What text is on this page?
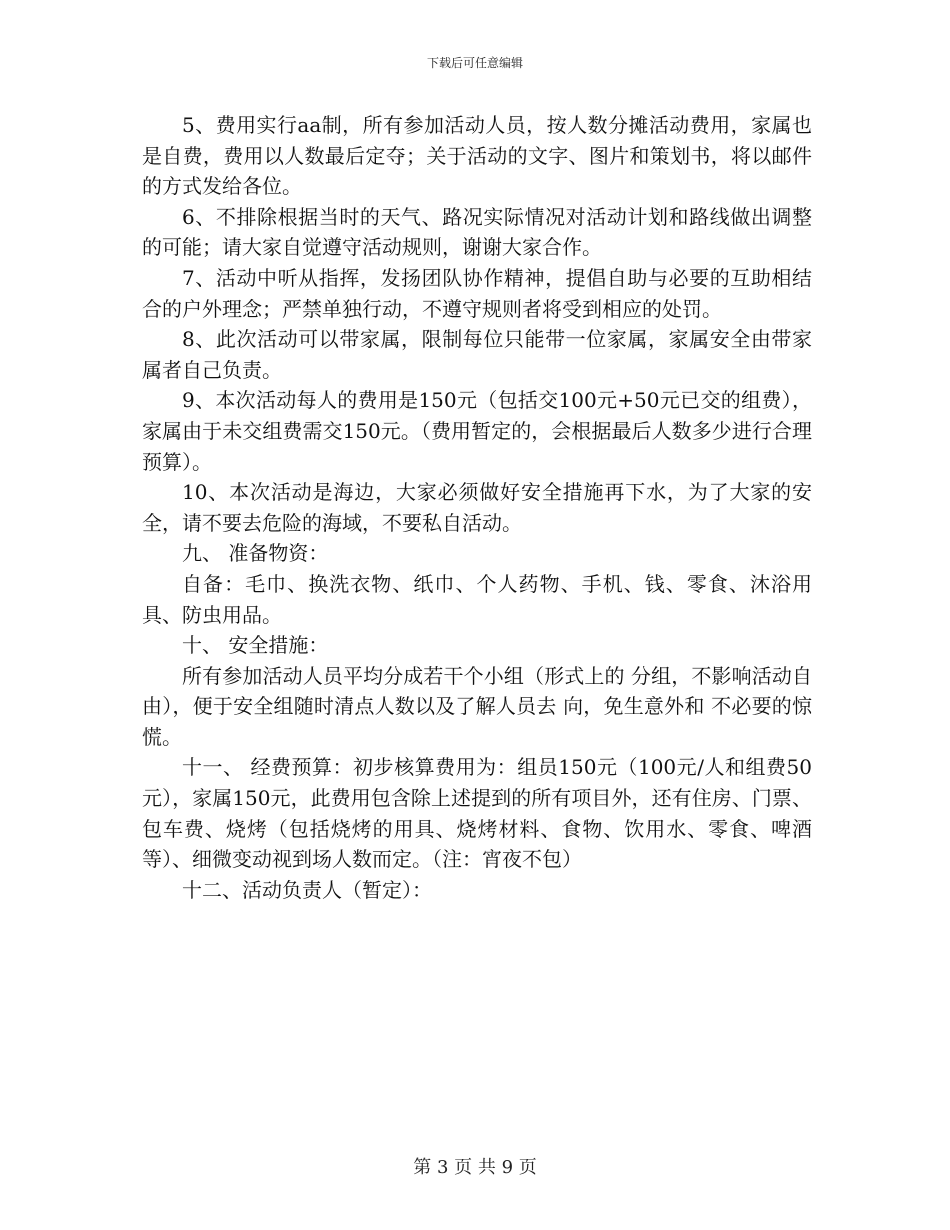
下载后可任意编辑

5、费用实行aa制，所有参加活动人员，按人数分摊活动费用，家属也是自费，费用以人数最后定夺；关于活动的文字、图片和策划书，将以邮件的方式发给各位。

6、不排除根据当时的天气、路况实际情况对活动计划和路线做出调整的可能；请大家自觉遵守活动规则，谢谢大家合作。

7、活动中听从指挥，发扬团队协作精神，提倡自助与必要的互助相结合的户外理念；严禁单独行动，不遵守规则者将受到相应的处罚。

8、此次活动可以带家属，限制每位只能带一位家属，家属安全由带家属者自己负责。

9、本次活动每人的费用是150元（包括交100元+50元已交的组费），家属由于未交组费需交150元。（费用暂定的，会根据最后人数多少进行合理预算）。

10、本次活动是海边，大家必须做好安全措施再下水，为了大家的安全，请不要去危险的海域，不要私自活动。

九、 准备物资：

自备：毛巾、换洗衣物、纸巾、个人药物、手机、钱、零食、沐浴用具、防虫用品。

十、 安全措施：

所有参加活动人员平均分成若干个小组（形式上的 分组，不影响活动自由），便于安全组随时清点人数以及了解人员去 向，免生意外和 不必要的惊慌。

十一、 经费预算：初步核算费用为：组员150元（100元/人和组费50元），家属150元，此费用包含除上述提到的所有项目外，还有住房、门票、包车费、烧烤（包括烧烤的用具、烧烤材料、食物、饮用水、零食、啤酒等）、细微变动视到场人数而定。（注：宵夜不包）

十二、活动负责人（暂定）：

第 3 页 共 9 页
